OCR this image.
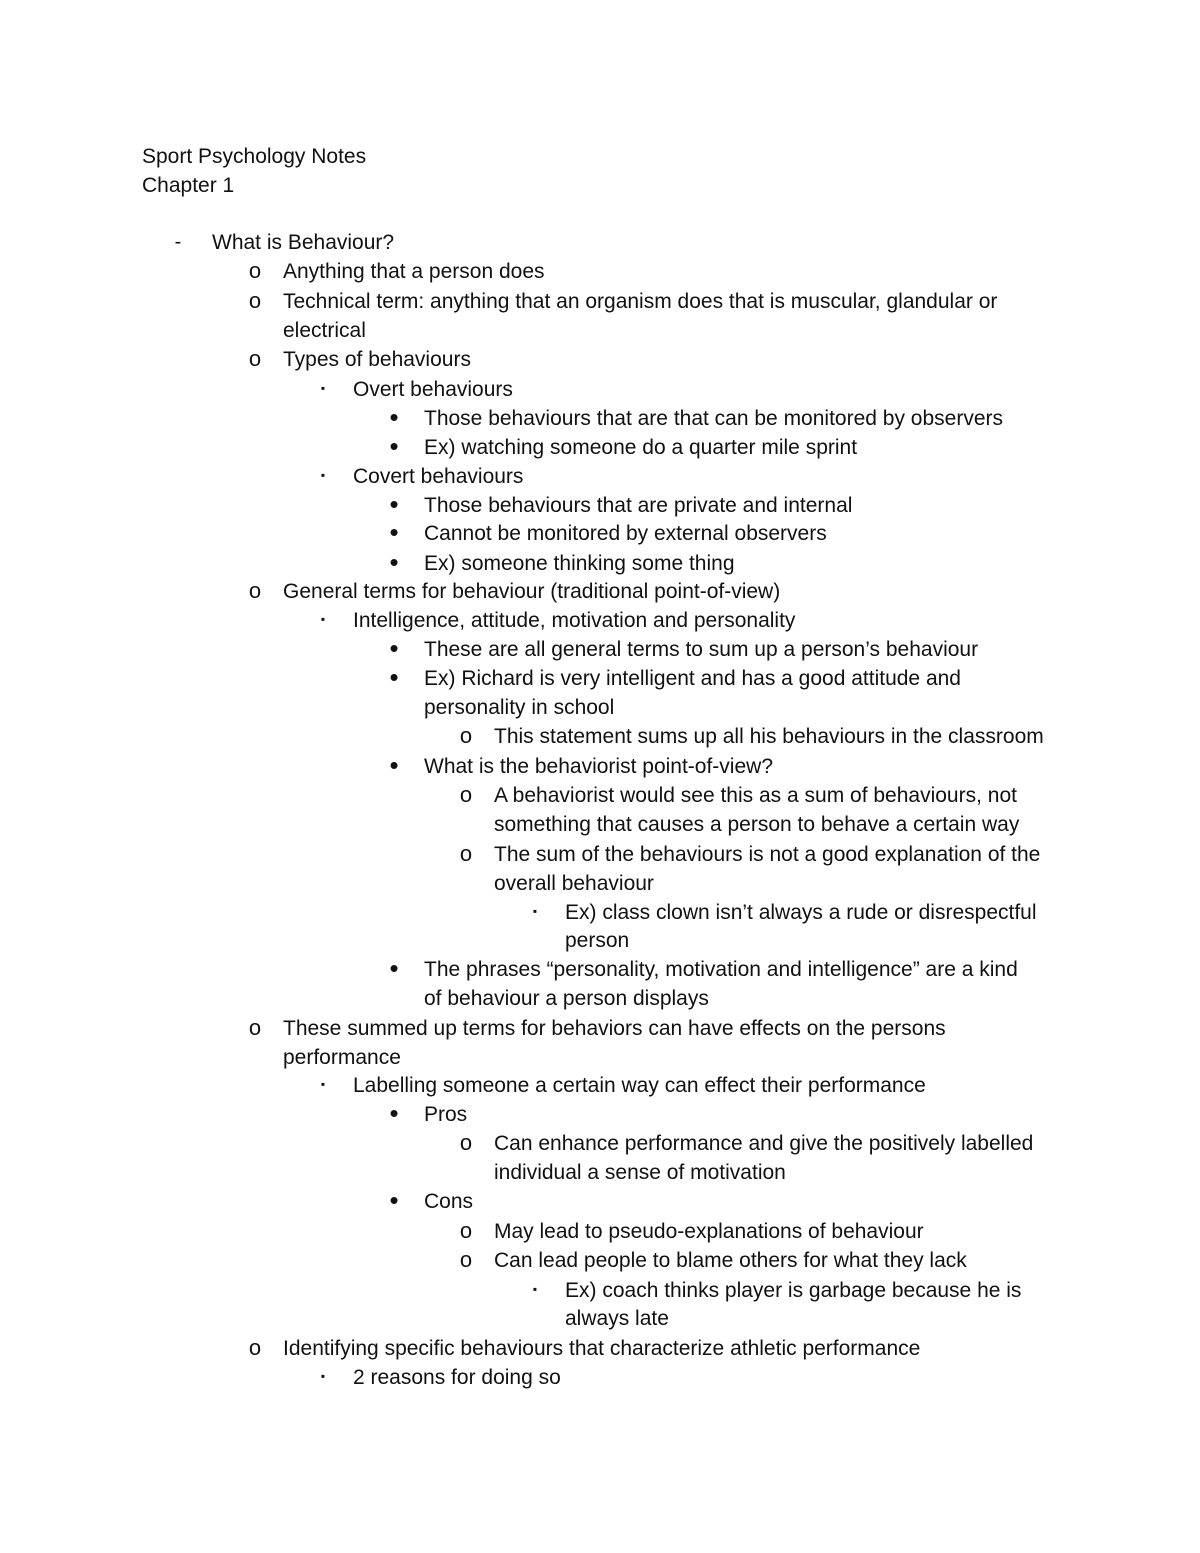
Sport Psychology Notes
Chapter 1
-	What is Behaviour?
o Anything that a person does
o Technical term: anything that an organism does that is muscular, glandular or
electrical
o Types of behaviours
▪	Overt behaviours
• Those behaviours that are that can be monitored by observers
• Ex) watching someone do a quarter mile sprint
▪	Covert behaviours
• Those behaviours that are private and internal
• Cannot be monitored by external observers
• Ex) someone thinking some thing
o General terms for behaviour (traditional point-of-view)
▪	Intelligence, attitude, motivation and personality
• These are all general terms to sum up a person’s behaviour
• Ex) Richard is very intelligent and has a good attitude and
personality in school
o This statement sums up all his behaviours in the classroom
• What is the behaviorist point-of-view?
o A behaviorist would see this as a sum of behaviours, not
something that causes a person to behave a certain way
o The sum of the behaviours is not a good explanation of the
overall behaviour
▪	Ex) class clown isn’t always a rude or disrespectful
person
• The phrases “personality, motivation and intelligence” are a kind
of behaviour a person displays
o These summed up terms for behaviors can have effects on the persons
performance
▪	Labelling someone a certain way can effect their performance
• Pros
o Can enhance performance and give the positively labelled
individual a sense of motivation
• Cons
o May lead to pseudo-explanations of behaviour
o Can lead people to blame others for what they lack
▪	Ex) coach thinks player is garbage because he is
always late
o Identifying specific behaviours that characterize athletic performance
▪	2 reasons for doing so
